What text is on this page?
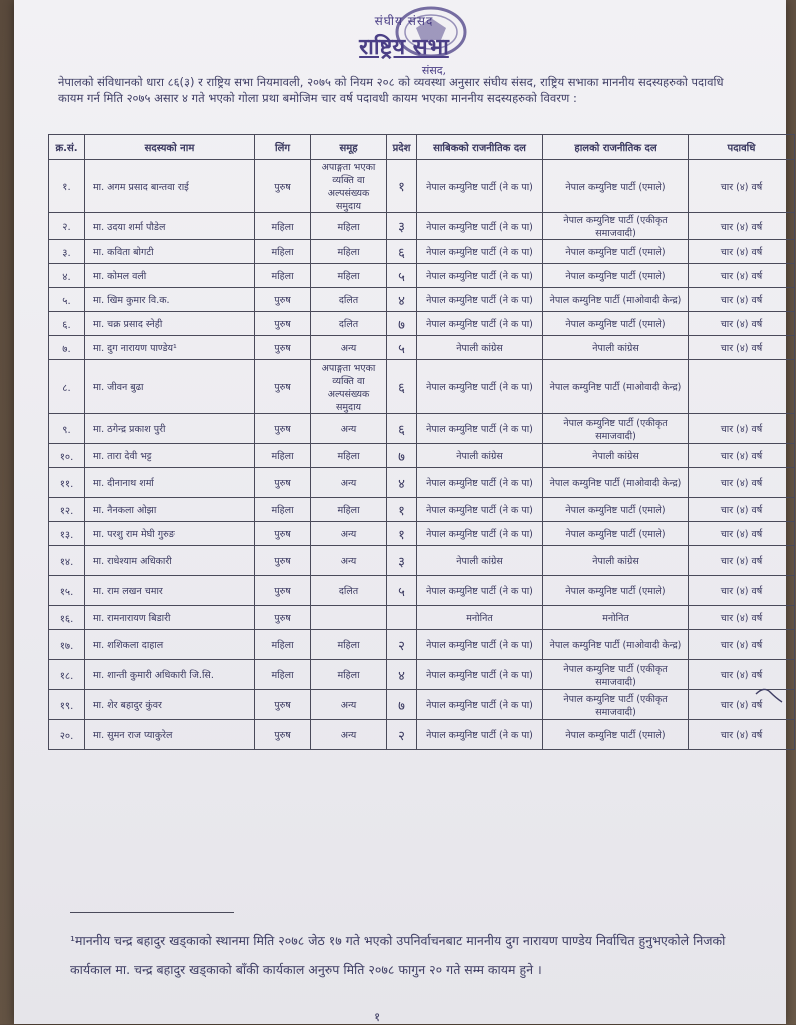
संघीय संसद
राष्ट्रिय सभा
संसद,
नेपालको संविधानको धारा ८६(३) र राष्ट्रिय सभा नियमावली, २०७५ को नियम २०८ को व्यवस्था अनुसार संघीय संसद, राष्ट्रिय सभाका माननीय सदस्यहरुको पदावधि कायम गर्न मिति २०७५ असार ४ गते भएको गोला प्रथा बमोजिम चार वर्ष पदावधी कायम भएका माननीय सदस्यहरुको विवरण :
क्र.सं.	सदस्यको नाम	लिंग	समूह	प्रदेश	साबिकको राजनीतिक दल	हालको राजनीतिक दल	पदावधि
१.	मा. अगम प्रसाद बान्तवा राई	पुरुष	अपाङ्गता भएका व्यक्ति वा अल्पसंख्यक समुदाय	१	नेपाल कम्युनिष्ट पार्टी (ने क पा)	नेपाल कम्युनिष्ट पार्टी (एमाले)	चार (४) वर्ष
२.	मा. उदया शर्मा पौडेल	महिला	महिला	३	नेपाल कम्युनिष्ट पार्टी (ने क पा)	नेपाल कम्युनिष्ट पार्टी (एकीकृत समाजवादी)	चार (४) वर्ष
३.	मा. कविता बोगटी	महिला	महिला	६	नेपाल कम्युनिष्ट पार्टी (ने क पा)	नेपाल कम्युनिष्ट पार्टी (एमाले)	चार (४) वर्ष
४.	मा. कोमल वली	महिला	महिला	५	नेपाल कम्युनिष्ट पार्टी (ने क पा)	नेपाल कम्युनिष्ट पार्टी (एमाले)	चार (४) वर्ष
५.	मा. खिम कुमार वि.क.	पुरुष	दलित	४	नेपाल कम्युनिष्ट पार्टी (ने क पा)	नेपाल कम्युनिष्ट पार्टी (माओवादी केन्द्र)	चार (४) वर्ष
६.	मा. चक्र प्रसाद स्नेही	पुरुष	दलित	७	नेपाल कम्युनिष्ट पार्टी (ने क पा)	नेपाल कम्युनिष्ट पार्टी (एमाले)	चार (४) वर्ष
७.	मा. दुग नारायण पाण्डेय¹	पुरुष	अन्य	५	नेपाली कांग्रेस	नेपाली कांग्रेस	चार (४) वर्ष
८.	मा. जीवन बुढा	पुरुष	अपाङ्गता भएका व्यक्ति वा अल्पसंख्यक समुदाय	६	नेपाल कम्युनिष्ट पार्टी (ने क पा)	नेपाल कम्युनिष्ट पार्टी (माओवादी केन्द्र)	
९.	मा. ठगेन्द्र प्रकाश पुरी	पुरुष	अन्य	६	नेपाल कम्युनिष्ट पार्टी (ने क पा)	नेपाल कम्युनिष्ट पार्टी (एकीकृत समाजवादी)	चार (४) वर्ष
१०.	मा. तारा देवी भट्ट	महिला	महिला	७	नेपाली कांग्रेस	नेपाली कांग्रेस	चार (४) वर्ष
११.	मा. दीनानाथ शर्मा	पुरुष	अन्य	४	नेपाल कम्युनिष्ट पार्टी (ने क पा)	नेपाल कम्युनिष्ट पार्टी (माओवादी केन्द्र)	चार (४) वर्ष
१२.	मा. नैनकला ओझा	महिला	महिला	१	नेपाल कम्युनिष्ट पार्टी (ने क पा)	नेपाल कम्युनिष्ट पार्टी (एमाले)	चार (४) वर्ष
१३.	मा. परशु राम मेघी गुरुङ	पुरुष	अन्य	१	नेपाल कम्युनिष्ट पार्टी (ने क पा)	नेपाल कम्युनिष्ट पार्टी (एमाले)	चार (४) वर्ष
१४.	मा. राधेश्याम अधिकारी	पुरुष	अन्य	३	नेपाली कांग्रेस	नेपाली कांग्रेस	चार (४) वर्ष
१५.	मा. राम लखन चमार	पुरुष	दलित	५	नेपाल कम्युनिष्ट पार्टी (ने क पा)	नेपाल कम्युनिष्ट पार्टी (एमाले)	चार (४) वर्ष
१६.	मा. रामनारायण बिडारी	पुरुष			मनोनित	मनोनित	चार (४) वर्ष
१७.	मा. शशिकला दाहाल	महिला	महिला	२	नेपाल कम्युनिष्ट पार्टी (ने क पा)	नेपाल कम्युनिष्ट पार्टी (माओवादी केन्द्र)	चार (४) वर्ष
१८.	मा. शान्ती कुमारी अधिकारी जि.सि.	महिला	महिला	४	नेपाल कम्युनिष्ट पार्टी (ने क पा)	नेपाल कम्युनिष्ट पार्टी (एकीकृत समाजवादी)	चार (४) वर्ष
१९.	मा. शेर बहादुर कुंवर	पुरुष	अन्य	७	नेपाल कम्युनिष्ट पार्टी (ने क पा)	नेपाल कम्युनिष्ट पार्टी (एकीकृत समाजवादी)	चार (४) वर्ष
२०.	मा. सुमन राज प्याकुरेल	पुरुष	अन्य	२	नेपाल कम्युनिष्ट पार्टी (ने क पा)	नेपाल कम्युनिष्ट पार्टी (एमाले)	चार (४) वर्ष
¹माननीय चन्द्र बहादुर खड्काको स्थानमा मिति २०७८ जेठ १७ गते भएको उपनिर्वाचनबाट माननीय दुग नारायण पाण्डेय निर्वाचित हुनुभएकोले निजको कार्यकाल मा. चन्द्र बहादुर खड्काको बाँकी कार्यकाल अनुरुप मिति २०७८ फागुन २० गते सम्म कायम हुने ।
१
